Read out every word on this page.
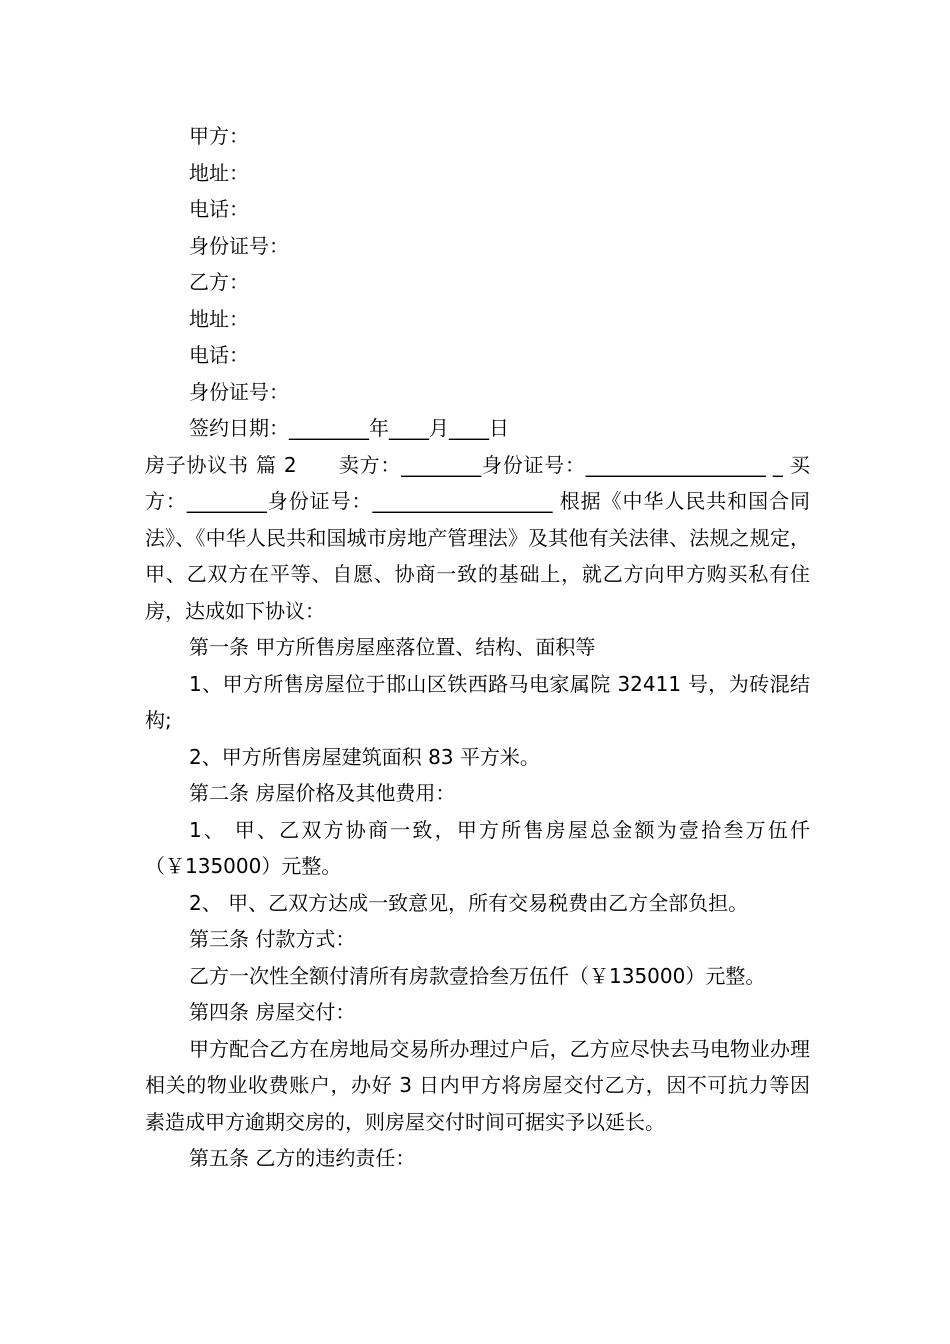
甲方：

地址：

电话：

身份证号：

乙方：

地址：

电话：

身份证号：

签约日期：________年____月____日

房子协议书 篇 2　　卖方：________身份证号：__________________ _ 买方：________身份证号：__________________ 根据《中华人民共和国合同法》、《中华人民共和国城市房地产管理法》及其他有关法律、法规之规定，甲、乙双方在平等、自愿、协商一致的基础上，就乙方向甲方购买私有住房，达成如下协议：

第一条 甲方所售房屋座落位置、结构、面积等

1、甲方所售房屋位于邯山区铁西路马电家属院 32411 号，为砖混结构;

2、甲方所售房屋建筑面积 83 平方米。

第二条 房屋价格及其他费用：

1、 甲、乙双方协商一致，甲方所售房屋总金额为壹拾叁万伍仟（￥135000）元整。

2、 甲、乙双方达成一致意见，所有交易税费由乙方全部负担。

第三条 付款方式：

乙方一次性全额付清所有房款壹拾叁万伍仟（￥135000）元整。

第四条 房屋交付：

甲方配合乙方在房地局交易所办理过户后，乙方应尽快去马电物业办理相关的物业收费账户，办好 3 日内甲方将房屋交付乙方，因不可抗力等因素造成甲方逾期交房的，则房屋交付时间可据实予以延长。

第五条 乙方的违约责任：
